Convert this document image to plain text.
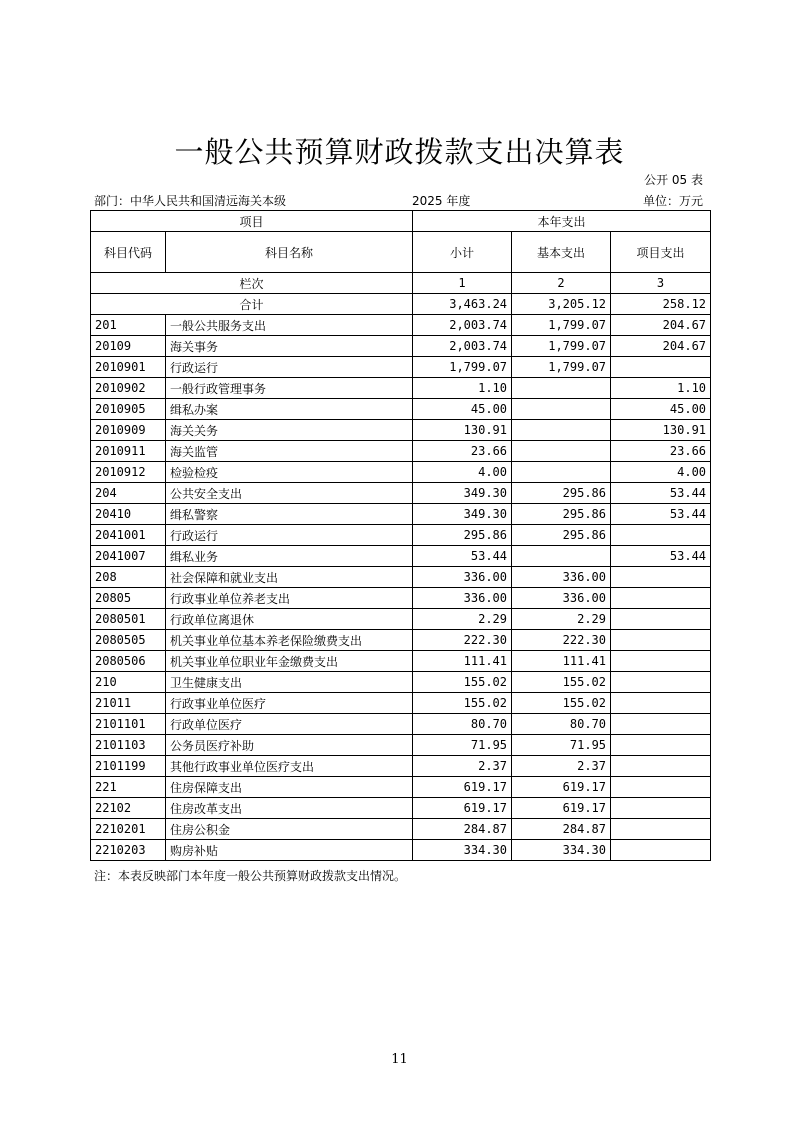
一般公共预算财政拨款支出决算表
公开 05 表
部门：中华人民共和国清远海关本级	2025 年度	单位：万元
项目		本年支出		
科目代码	科目名称	小计	基本支出	项目支出
栏次		1	2	3
合计		3,463.24	3,205.12	258.12
201	一般公共服务支出	2,003.74	1,799.07	204.67
20109	海关事务	2,003.74	1,799.07	204.67
2010901	行政运行	1,799.07	1,799.07	
2010902	一般行政管理事务	1.10		1.10
2010905	缉私办案	45.00		45.00
2010909	海关关务	130.91		130.91
2010911	海关监管	23.66		23.66
2010912	检验检疫	4.00		4.00
204	公共安全支出	349.30	295.86	53.44
20410	缉私警察	349.30	295.86	53.44
2041001	行政运行	295.86	295.86	
2041007	缉私业务	53.44		53.44
208	社会保障和就业支出	336.00	336.00	
20805	行政事业单位养老支出	336.00	336.00	
2080501	行政单位离退休	2.29	2.29	
2080505	机关事业单位基本养老保险缴费支出	222.30	222.30	
2080506	机关事业单位职业年金缴费支出	111.41	111.41	
210	卫生健康支出	155.02	155.02	
21011	行政事业单位医疗	155.02	155.02	
2101101	行政单位医疗	80.70	80.70	
2101103	公务员医疗补助	71.95	71.95	
2101199	其他行政事业单位医疗支出	2.37	2.37	
221	住房保障支出	619.17	619.17	
22102	住房改革支出	619.17	619.17	
2210201	住房公积金	284.87	284.87	
2210203	购房补贴	334.30	334.30	
注：本表反映部门本年度一般公共预算财政拨款支出情况。
11
